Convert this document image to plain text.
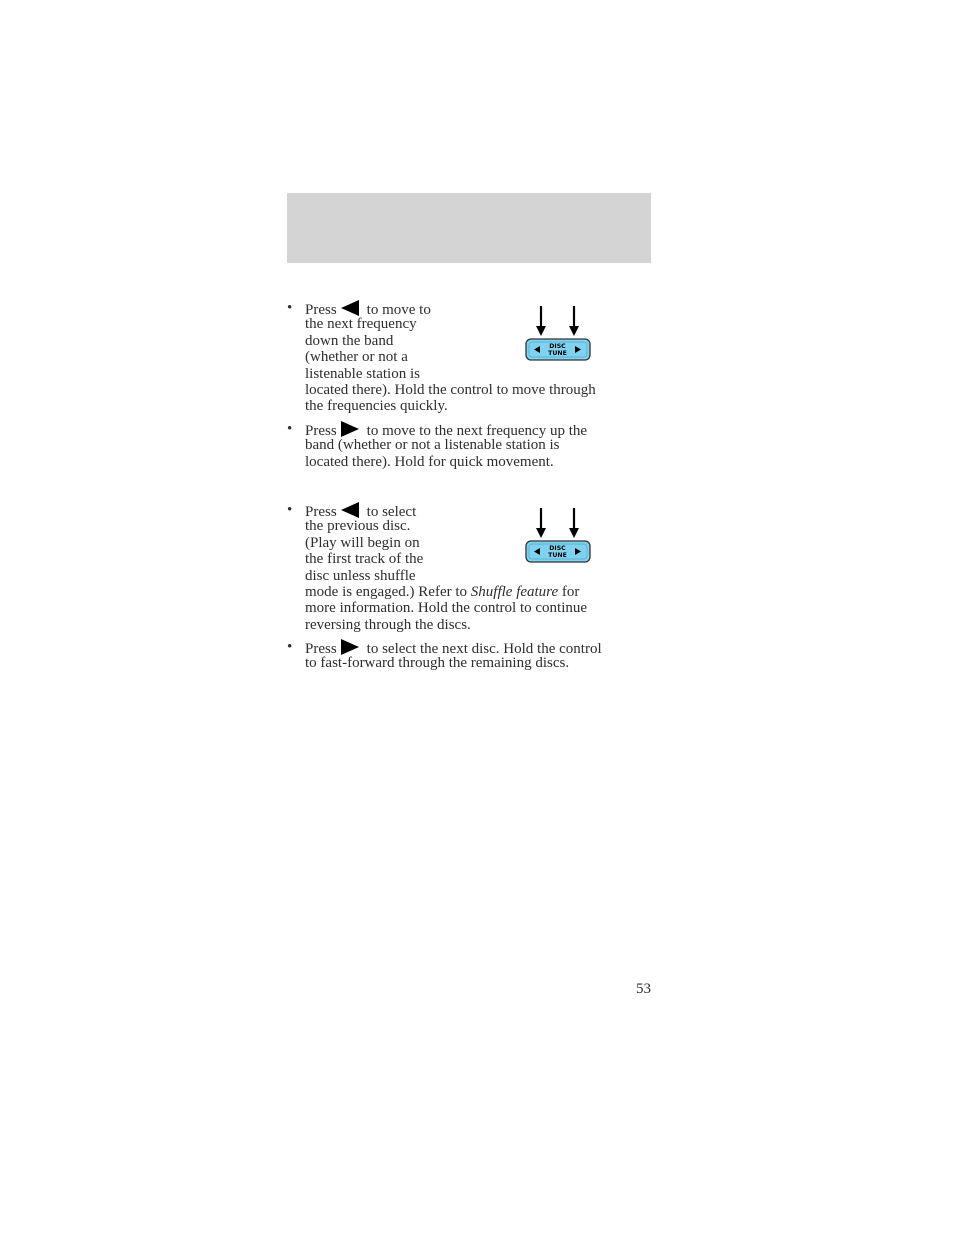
• Press to move to

the next frequency

down the band

(whether or not a

listenable station is

located there). Hold the control to move through

the frequencies quickly.

• Press to move to the next frequency up the

band (whether or not a listenable station is

located there). Hold for quick movement.

DISC
TUNE
• Press to select

the previous disc.

(Play will begin on

the first track of the

disc unless shuffle

mode is engaged.) Refer to Shuffle feature for

more information. Hold the control to continue

reversing through the discs.

• Press to select the next disc. Hold the control

to fast-forward through the remaining discs.

DISC
TUNE
53
